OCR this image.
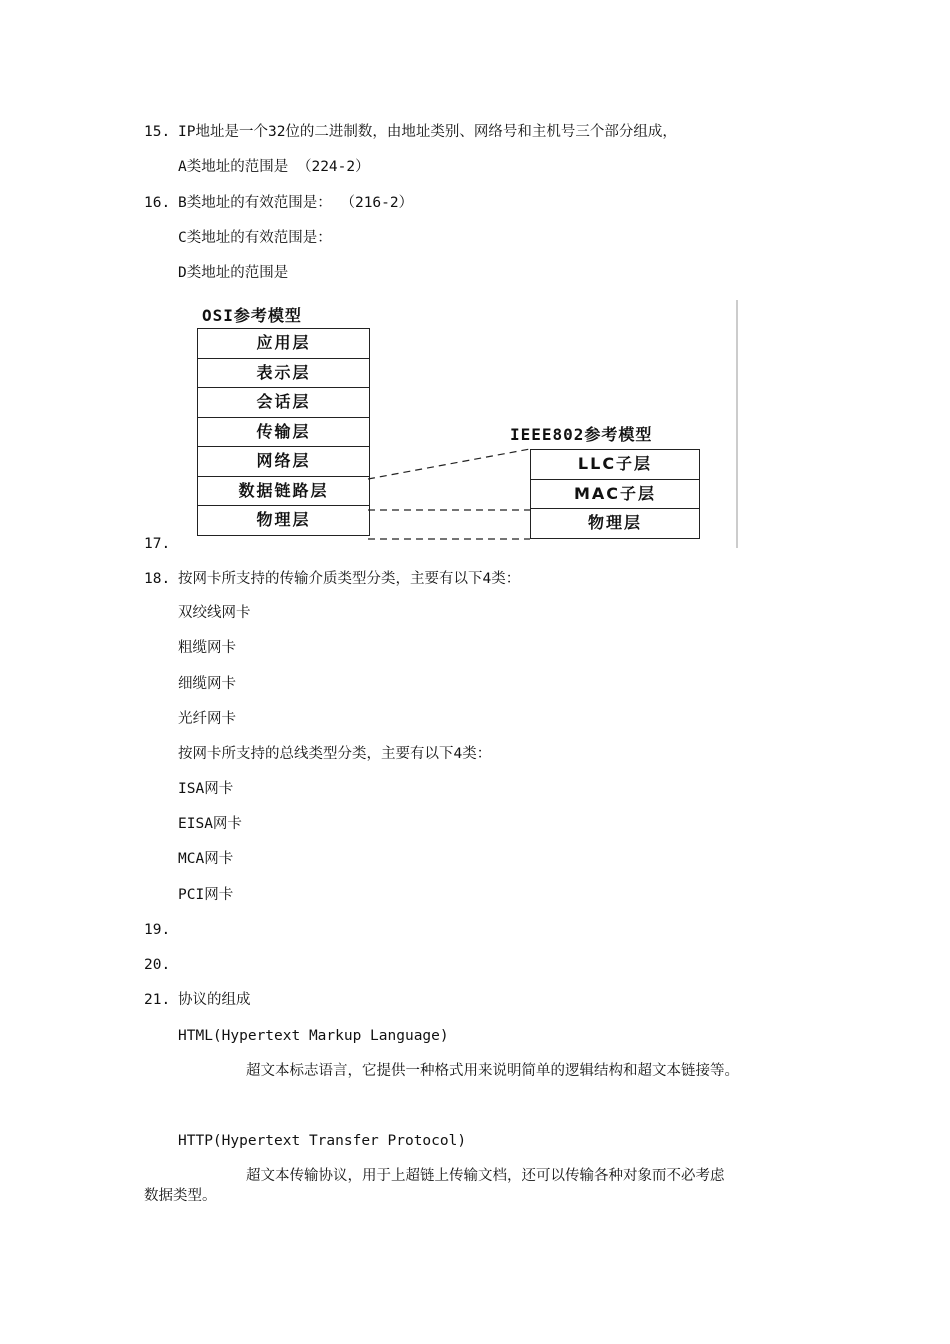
15. IP地址是一个32位的二进制数，由地址类别、网络号和主机号三个部分组成，
A类地址的范围是 （224-2）
16. B类地址的有效范围是： （216-2）
C类地址的有效范围是：
D类地址的范围是
OSI参考模型
应用层
表示层
会话层
传输层
网络层
数据链路层
物理层
IEEE802参考模型
LLC子层
MAC子层
物理层
17.
18. 按网卡所支持的传输介质类型分类，主要有以下4类：
双绞线网卡
粗缆网卡
细缆网卡
光纤网卡
按网卡所支持的总线类型分类，主要有以下4类：
ISA网卡
EISA网卡
MCA网卡
PCI网卡
19.
20.
21. 协议的组成
HTML(Hypertext Markup Language)
超文本标志语言，它提供一种格式用来说明简单的逻辑结构和超文本链接等。
HTTP(Hypertext Transfer Protocol)
超文本传输协议，用于上超链上传输文档，还可以传输各种对象而不必考虑
数据类型。
